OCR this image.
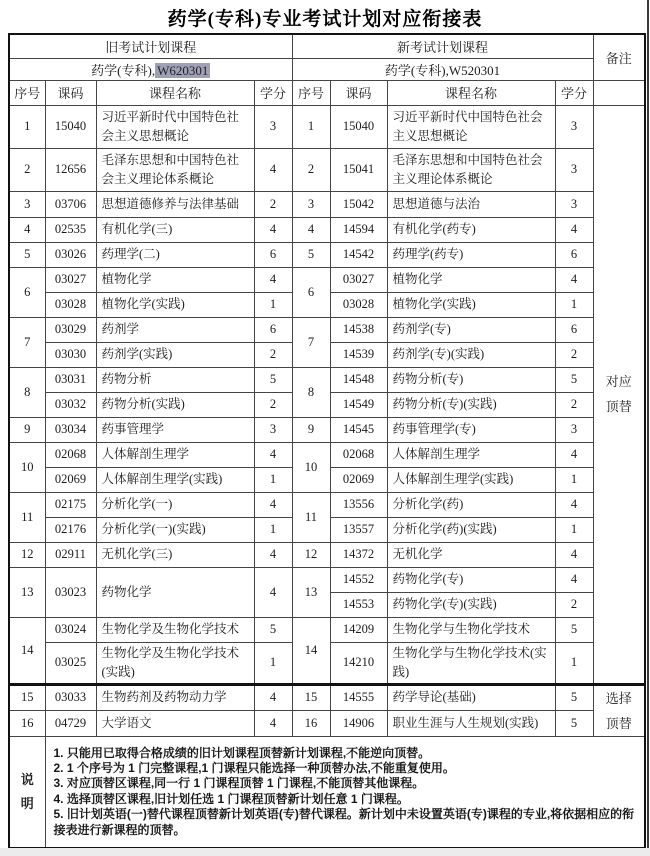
药学(专科)专业考试计划对应衔接表
旧考试计划课程				新考试计划课程				备注
药学(专科), W620301				药学(专科),W520301				
序号	课码	课程名称	学分	序号	课码	课程名称	学分	
1	15040	习近平新时代中国特色社会主义思想概论	3	1	15040	习近平新时代中国特色社会主义思想概论	3	对应顶替

2	12656	毛泽东思想和中国特色社会主义理论体系概论	4	2	15041	毛泽东思想和中国特色社会主义理论体系概论	3	
3	03706	思想道德修养与法律基础	2	3	15042	思想道德与法治	3	
4	02535	有机化学(三)	4	4	14594	有机化学(药专)	4	
5	03026	药理学(二)	6	5	14542	药理学(药专)	6	
6	03027	植物化学	4	6	03027	植物化学	4	
	03028	植物化学(实践)	1		03028	植物化学(实践)	1	
7	03029	药剂学	6	7	14538	药剂学(专)	6	
	03030	药剂学(实践)	2		14539	药剂学(专)(实践)	2	
8	03031	药物分析	5	8	14548	药物分析(专)	5	
	03032	药物分析(实践)	2		14549	药物分析(专)(实践)	2	
9	03034	药事管理学	3	9	14545	药事管理学(专)	3	
10	02068	人体解剖生理学	4	10	02068	人体解剖生理学	4	
	02069	人体解剖生理学(实践)	1		02069	人体解剖生理学(实践)	1	
11	02175	分析化学(一)	4	11	13556	分析化学(药)	4	
	02176	分析化学(一)(实践)	1		13557	分析化学(药)(实践)	1	
12	02911	无机化学(三)	4	12	14372	无机化学	4	
13	03023	药物化学	4	13	14552	药物化学(专)	4	
					14553	药物化学(专)(实践)	2	
14	03024	生物化学及生物化学技术	5	14	14209	生物化学与生物化学技术	5	
	03025	生物化学及生物化学技术(实践)	1		14210	生物化学与生物化学技术(实践)	1	
15	03033	生物药剂及药物动力学	4	15	14555	药学导论(基础)	5	选择顶替

16	04729	大学语文	4	16	14906	职业生涯与人生规划(实践)	5	

说明	1. 只能用已取得合格成绩的旧计划课程顶替新计划课程,不能逆向顶替。
2. 1 个序号为 1 门完整课程,1 门课程只能选择一种顶替办法,不能重复使用。
3. 对应顶替区课程,同一行 1 门课程顶替 1 门课程,不能顶替其他课程。
4. 选择顶替区课程,旧计划任选 1 门课程顶替新计划任意 1 门课程。
5. 旧计划英语(一)替代课程顶替新计划英语(专)替代课程。新计划中未设置英语(专)课程的专业,将依据相应的衔接表进行新课程的顶替。							
